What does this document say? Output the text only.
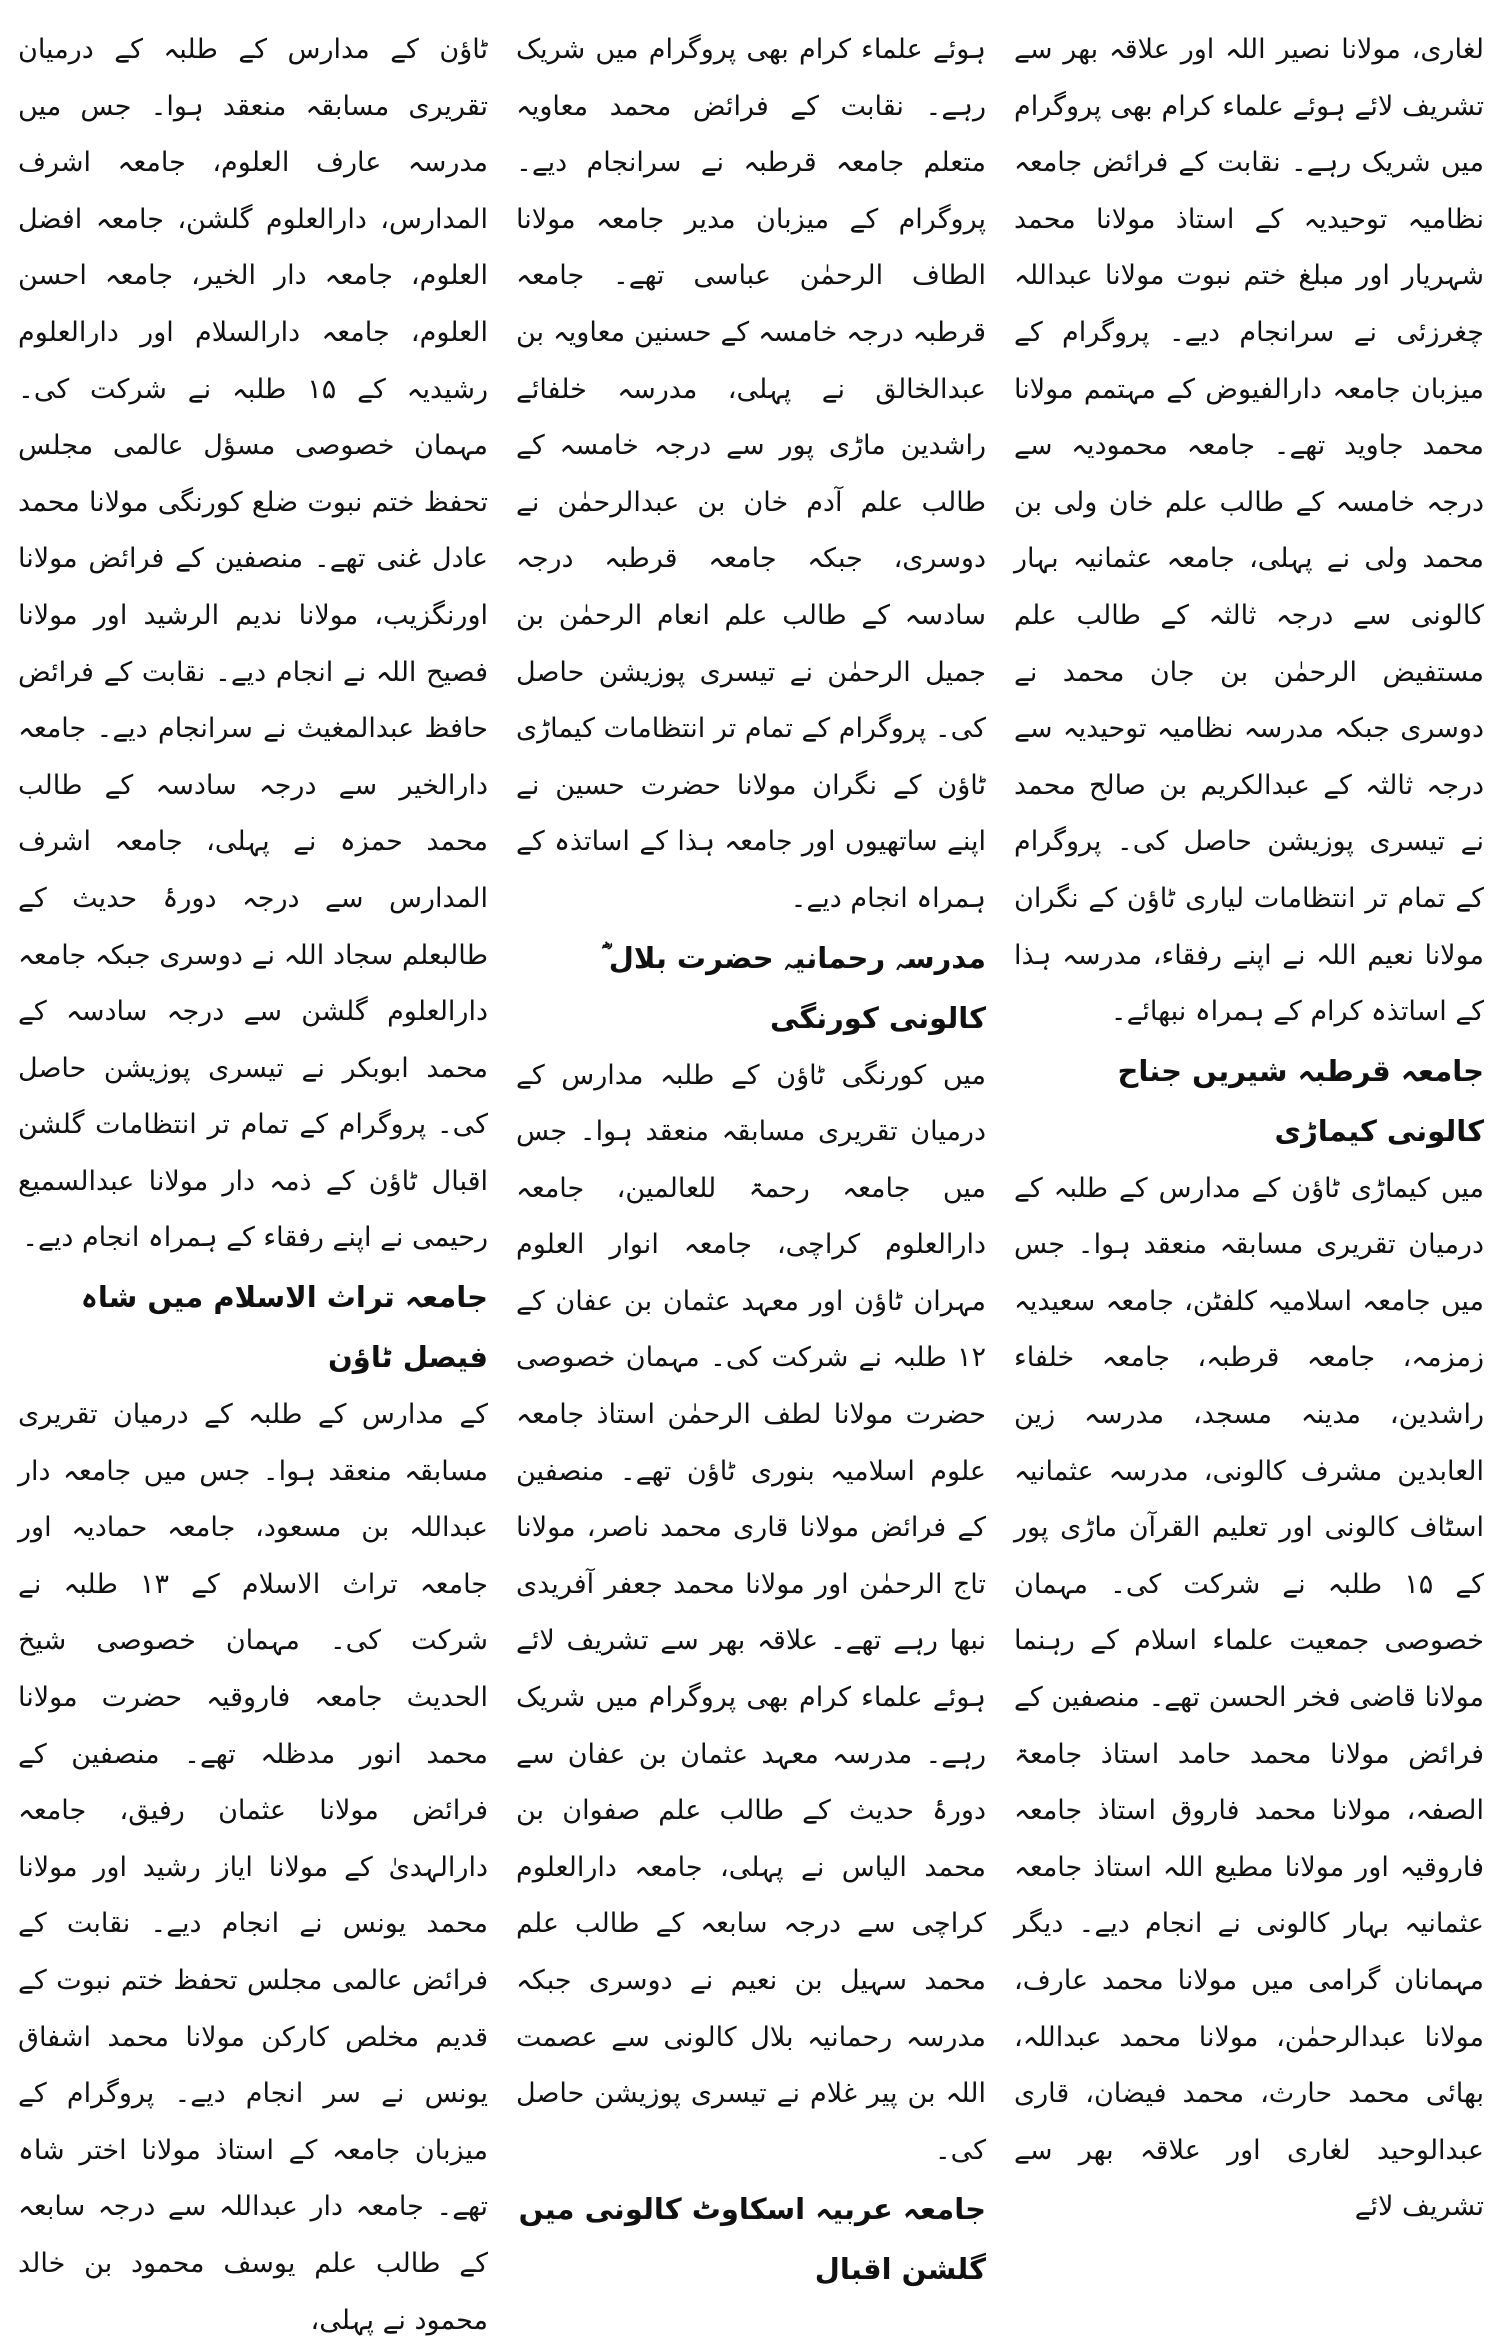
لغاری، مولانا نصیر اللہ اور علاقہ بھر سے تشریف لائے ہوئے علماء کرام بھی پروگرام میں شریک رہے۔ نقابت کے فرائض جامعہ نظامیہ توحیدیہ کے استاذ مولانا محمد شہریار اور مبلغ ختم نبوت مولانا عبداللہ چغرزئی نے سرانجام دیے۔ پروگرام کے میزبان جامعہ دارالفیوض کے مہتمم مولانا محمد جاوید تھے۔ جامعہ محمودیہ سے درجہ خامسہ کے طالب علم خان ولی بن محمد ولی نے پہلی، جامعہ عثمانیہ بہار کالونی سے درجہ ثالثہ کے طالب علم مستفیض الرحمٰن بن جان محمد نے دوسری جبکہ مدرسہ نظامیہ توحیدیہ سے درجہ ثالثہ کے عبدالکریم بن صالح محمد نے تیسری پوزیشن حاصل کی۔ پروگرام کے تمام تر انتظامات لیاری ٹاؤن کے نگران مولانا نعیم اللہ نے اپنے رفقاء، مدرسہ ہذا کے اساتذہ کرام کے ہمراہ نبھائے۔

جامعہ قرطبہ شیریں جناح کالونی کیماڑی

میں کیماڑی ٹاؤن کے مدارس کے طلبہ کے درمیان تقریری مسابقہ منعقد ہوا۔ جس میں جامعہ اسلامیہ کلفٹن، جامعہ سعیدیہ زمزمہ، جامعہ قرطبہ، جامعہ خلفاء راشدین، مدینہ مسجد، مدرسہ زین العابدین مشرف کالونی، مدرسہ عثمانیہ اسٹاف کالونی اور تعلیم القرآن ماڑی پور کے ۱۵ طلبہ نے شرکت کی۔ مہمان خصوصی جمعیت علماء اسلام کے رہنما مولانا قاضی فخر الحسن تھے۔ منصفین کے فرائض مولانا محمد حامد استاذ جامعۃ الصفہ، مولانا محمد فاروق استاذ جامعہ فاروقیہ اور مولانا مطیع اللہ استاذ جامعہ عثمانیہ بہار کالونی نے انجام دیے۔ دیگر مہمانان گرامی میں مولانا محمد عارف، مولانا عبدالرحمٰن، مولانا محمد عبداللہ، بھائی محمد حارث، محمد فیضان، قاری عبدالوحید لغاری اور علاقہ بھر سے تشریف لائے

ہوئے علماء کرام بھی پروگرام میں شریک رہے۔ نقابت کے فرائض محمد معاویہ متعلم جامعہ قرطبہ نے سرانجام دیے۔ پروگرام کے میزبان مدیر جامعہ مولانا الطاف الرحمٰن عباسی تھے۔ جامعہ قرطبہ درجہ خامسہ کے حسنین معاویہ بن عبدالخالق نے پہلی، مدرسہ خلفائے راشدین ماڑی پور سے درجہ خامسہ کے طالب علم آدم خان بن عبدالرحمٰن نے دوسری، جبکہ جامعہ قرطبہ درجہ سادسہ کے طالب علم انعام الرحمٰن بن جمیل الرحمٰن نے تیسری پوزیشن حاصل کی۔ پروگرام کے تمام تر انتظامات کیماڑی ٹاؤن کے نگران مولانا حضرت حسین نے اپنے ساتھیوں اور جامعہ ہذا کے اساتذہ کے ہمراہ انجام دیے۔

مدرسہ رحمانیہ حضرت بلال ؓ کالونی کورنگی

میں کورنگی ٹاؤن کے طلبہ مدارس کے درمیان تقریری مسابقہ منعقد ہوا۔ جس میں جامعہ رحمۃ للعالمین، جامعہ دارالعلوم کراچی، جامعہ انوار العلوم مہران ٹاؤن اور معہد عثمان بن عفان کے ۱۲ طلبہ نے شرکت کی۔ مہمان خصوصی حضرت مولانا لطف الرحمٰن استاذ جامعہ علوم اسلامیہ بنوری ٹاؤن تھے۔ منصفین کے فرائض مولانا قاری محمد ناصر، مولانا تاج الرحمٰن اور مولانا محمد جعفر آفریدی نبھا رہے تھے۔ علاقہ بھر سے تشریف لائے ہوئے علماء کرام بھی پروگرام میں شریک رہے۔ مدرسہ معہد عثمان بن عفان سے دورۂ حدیث کے طالب علم صفوان بن محمد الیاس نے پہلی، جامعہ دارالعلوم کراچی سے درجہ سابعہ کے طالب علم محمد سہیل بن نعیم نے دوسری جبکہ مدرسہ رحمانیہ بلال کالونی سے عصمت اللہ بن پیر غلام نے تیسری پوزیشن حاصل کی۔

جامعہ عربیہ اسکاوٹ کالونی میں گلشن اقبال

ٹاؤن کے مدارس کے طلبہ کے درمیان تقریری مسابقہ منعقد ہوا۔ جس میں مدرسہ عارف العلوم، جامعہ اشرف المدارس، دارالعلوم گلشن، جامعہ افضل العلوم، جامعہ دار الخیر، جامعہ احسن العلوم، جامعہ دارالسلام اور دارالعلوم رشیدیہ کے ۱۵ طلبہ نے شرکت کی۔ مہمان خصوصی مسؤل عالمی مجلس تحفظ ختم نبوت ضلع کورنگی مولانا محمد عادل غنی تھے۔ منصفین کے فرائض مولانا اورنگزیب، مولانا ندیم الرشید اور مولانا فصیح اللہ نے انجام دیے۔ نقابت کے فرائض حافظ عبدالمغیث نے سرانجام دیے۔ جامعہ دارالخیر سے درجہ سادسہ کے طالب محمد حمزہ نے پہلی، جامعہ اشرف المدارس سے درجہ دورۂ حدیث کے طالبعلم سجاد اللہ نے دوسری جبکہ جامعہ دارالعلوم گلشن سے درجہ سادسہ کے محمد ابوبکر نے تیسری پوزیشن حاصل کی۔ پروگرام کے تمام تر انتظامات گلشن اقبال ٹاؤن کے ذمہ دار مولانا عبدالسمیع رحیمی نے اپنے رفقاء کے ہمراہ انجام دیے۔

جامعہ تراث الاسلام میں شاہ فیصل ٹاؤن

کے مدارس کے طلبہ کے درمیان تقریری مسابقہ منعقد ہوا۔ جس میں جامعہ دار عبداللہ بن مسعود، جامعہ حمادیہ اور جامعہ تراث الاسلام کے ۱۳ طلبہ نے شرکت کی۔ مہمان خصوصی شیخ الحدیث جامعہ فاروقیہ حضرت مولانا محمد انور مدظلہ تھے۔ منصفین کے فرائض مولانا عثمان رفیق، جامعہ دارالہدیٰ کے مولانا ایاز رشید اور مولانا محمد یونس نے انجام دیے۔ نقابت کے فرائض عالمی مجلس تحفظ ختم نبوت کے قدیم مخلص کارکن مولانا محمد اشفاق یونس نے سر انجام دیے۔ پروگرام کے میزبان جامعہ کے استاذ مولانا اختر شاہ تھے۔ جامعہ دار عبداللہ سے درجہ سابعہ کے طالب علم یوسف محمود بن خالد محمود نے پہلی،
